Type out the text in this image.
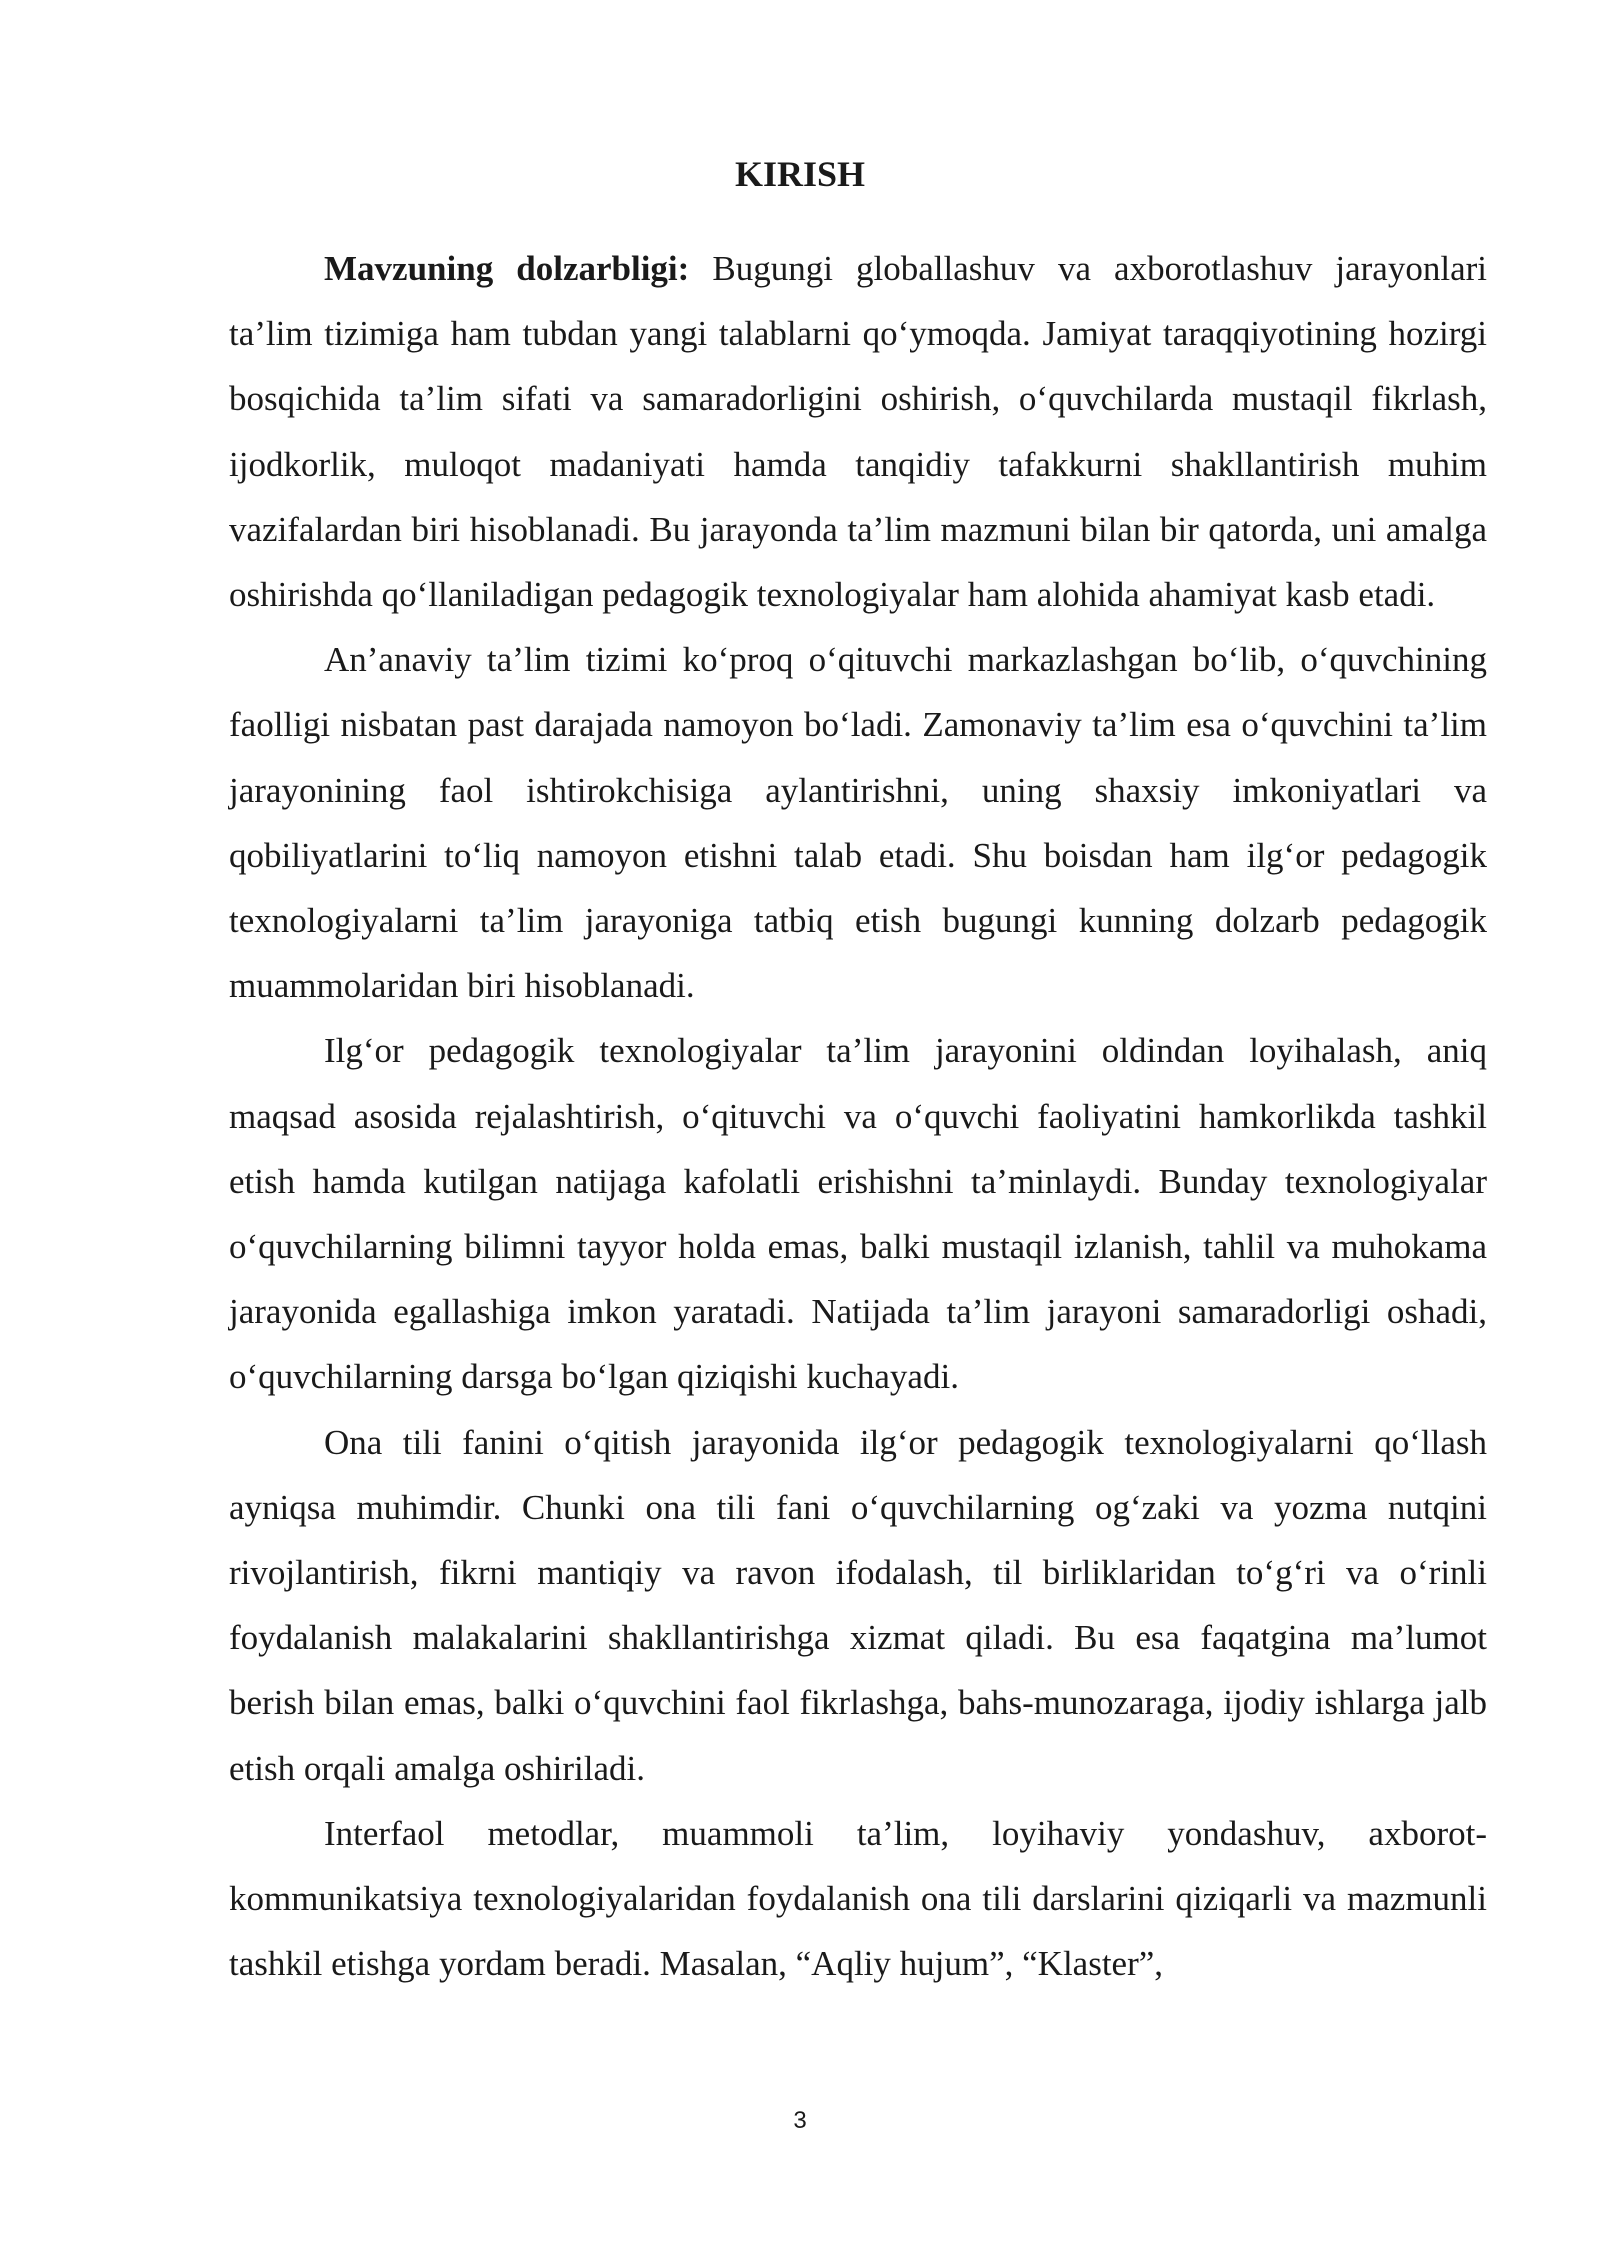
KIRISH

Mavzuning dolzarbligi: Bugungi globallashuv va axborotlashuv jarayonlari ta’lim tizimiga ham tubdan yangi talablarni qo‘ymoqda. Jamiyat taraqqiyotining hozirgi bosqichida ta’lim sifati va samaradorligini oshirish, o‘quvchilarda mustaqil fikrlash, ijodkorlik, muloqot madaniyati hamda tanqidiy tafakkurni shakllantirish muhim vazifalardan biri hisoblanadi. Bu jarayonda ta’lim mazmuni bilan bir qatorda, uni amalga oshirishda qo‘llaniladigan pedagogik texnologiyalar ham alohida ahamiyat kasb etadi.

An’anaviy ta’lim tizimi ko‘proq o‘qituvchi markazlashgan bo‘lib, o‘quvchining faolligi nisbatan past darajada namoyon bo‘ladi. Zamonaviy ta’lim esa o‘quvchini ta’lim jarayonining faol ishtirokchisiga aylantirishni, uning shaxsiy imkoniyatlari va qobiliyatlarini to‘liq namoyon etishni talab etadi. Shu boisdan ham ilg‘or pedagogik texnologiyalarni ta’lim jarayoniga tatbiq etish bugungi kunning dolzarb pedagogik muammolaridan biri hisoblanadi.

Ilg‘or pedagogik texnologiyalar ta’lim jarayonini oldindan loyihalash, aniq maqsad asosida rejalashtirish, o‘qituvchi va o‘quvchi faoliyatini hamkorlikda tashkil etish hamda kutilgan natijaga kafolatli erishishni ta’minlaydi. Bunday texnologiyalar o‘quvchilarning bilimni tayyor holda emas, balki mustaqil izlanish, tahlil va muhokama jarayonida egallashiga imkon yaratadi. Natijada ta’lim jarayoni samaradorligi oshadi, o‘quvchilarning darsga bo‘lgan qiziqishi kuchayadi.

Ona tili fanini o‘qitish jarayonida ilg‘or pedagogik texnologiyalarni qo‘llash ayniqsa muhimdir. Chunki ona tili fani o‘quvchilarning og‘zaki va yozma nutqini rivojlantirish, fikrni mantiqiy va ravon ifodalash, til birliklaridan to‘g‘ri va o‘rinli foydalanish malakalarini shakllantirishga xizmat qiladi. Bu esa faqatgina ma’lumot berish bilan emas, balki o‘quvchini faol fikrlashga, bahs-munozaraga, ijodiy ishlarga jalb etish orqali amalga oshiriladi.

Interfaol metodlar, muammoli ta’lim, loyihaviy yondashuv, axborot-kommunikatsiya texnologiyalaridan foydalanish ona tili darslarini qiziqarli va mazmunli tashkil etishga yordam beradi. Masalan, “Aqliy hujum”, “Klaster”,

3
